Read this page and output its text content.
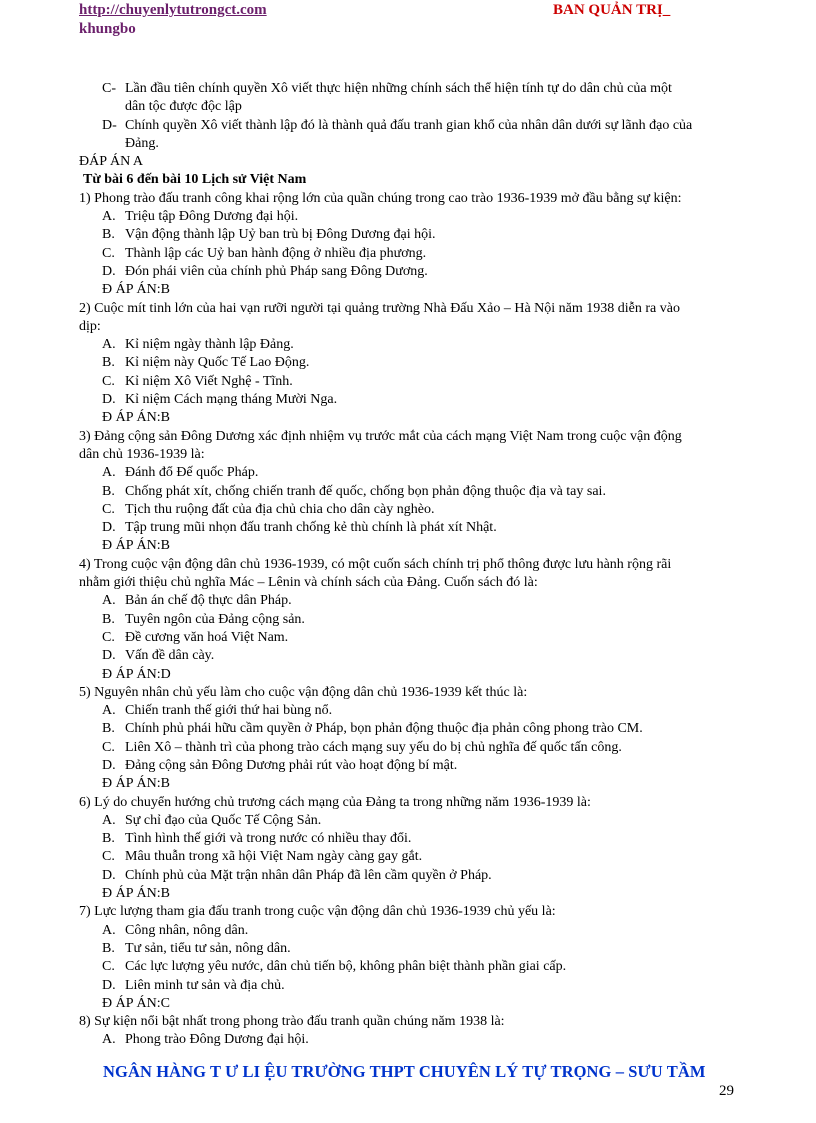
http://chuyenlytutrongct.com	BAN QUẢN TRỊ_
khungbo
C- Lần đầu tiên chính quyền Xô viết thực hiện những chính sách thể hiện tính tự do dân chủ của một
dân tộc được độc lập
D- Chính quyền Xô viết thành lập đó là thành quả đấu tranh gian khổ của nhân dân dưới sự lãnh đạo của
Đảng.
ĐÁP ÁN A
Từ bài 6 đến bài 10 Lịch sử Việt Nam
1) Phong trào đấu tranh công khai rộng lớn của quần chúng trong cao trào 1936-1939 mở đầu bằng sự kiện:
A. Triệu tập Đông Dương đại hội.
B. Vận động thành lập Uỷ ban trù bị Đông Dương đại hội.
C. Thành lập các Uỷ ban hành động ở nhiều địa phương.
D. Đón phái viên của chính phủ Pháp sang Đông Dương.
Đ ÁP ÁN:B
2) Cuộc mít tinh lớn của hai vạn rưỡi người tại quảng trường Nhà Đấu Xảo – Hà Nội năm 1938 diễn ra vào
dịp:
A. Kỉ niệm ngày thành lập Đảng.
B. Kỉ niệm này Quốc Tế Lao Động.
C. Kỉ niệm Xô Viết Nghệ - Tĩnh.
D. Kỉ niệm Cách mạng tháng Mười Nga.
Đ ÁP ÁN:B
3) Đảng cộng sản Đông Dương xác định nhiệm vụ trước mắt của cách mạng Việt Nam trong cuộc vận động
dân chủ 1936-1939 là:
A. Đánh đổ Đế quốc Pháp.
B. Chống phát xít, chống chiến tranh đế quốc, chống bọn phản động thuộc địa và tay sai.
C. Tịch thu ruộng đất của địa chủ chia cho dân cày nghèo.
D. Tập trung mũi nhọn đấu tranh chống kẻ thù chính là phát xít Nhật.
Đ ÁP ÁN:B
4) Trong cuộc vận động dân chủ 1936-1939, có một cuốn sách chính trị phổ thông được lưu hành rộng rãi
nhằm giới thiệu chủ nghĩa Mác – Lênin và chính sách của Đảng. Cuốn sách đó là:
A. Bản án chế độ thực dân Pháp.
B. Tuyên ngôn của Đảng cộng sản.
C. Đề cương văn hoá Việt Nam.
D. Vấn đề dân cày.
Đ ÁP ÁN:D
5) Nguyên nhân chủ yếu làm cho cuộc vận động dân chủ 1936-1939 kết thúc là:
A. Chiến tranh thế giới thứ hai bùng nổ.
B. Chính phủ phái hữu cầm quyền ở Pháp, bọn phản động thuộc địa phản công phong trào CM.
C. Liên Xô – thành trì của phong trào cách mạng suy yếu do bị chủ nghĩa đế quốc tấn công.
D. Đảng cộng sản Đông Dương phải rút vào hoạt động bí mật.
Đ ÁP ÁN:B
6) Lý do chuyển hướng chủ trương cách mạng của Đảng ta trong những năm 1936-1939 là:
A. Sự chỉ đạo của Quốc Tế Cộng Sản.
B. Tình hình thế giới và trong nước có nhiều thay đổi.
C. Mâu thuẫn trong xã hội Việt Nam ngày càng gay gắt.
D. Chính phủ của Mặt trận nhân dân Pháp đã lên cầm quyền ở Pháp.
Đ ÁP ÁN:B
7) Lực lượng tham gia đấu tranh trong cuộc vận động dân chủ 1936-1939 chủ yếu là:
A. Công nhân, nông dân.
B. Tư sản, tiểu tư sản, nông dân.
C. Các lực lượng yêu nước, dân chủ tiến bộ, không phân biệt thành phần giai cấp.
D. Liên minh tư sản và địa chủ.
Đ ÁP ÁN:C
8) Sự kiện nổi bật nhất trong phong trào đấu tranh quần chúng năm 1938 là:
A. Phong trào Đông Dương đại hội.
NGÂN HÀNG T Ư LI ỆU TRƯỜNG THPT CHUYÊN LÝ TỰ TRỌNG – SƯU TẦM
29
